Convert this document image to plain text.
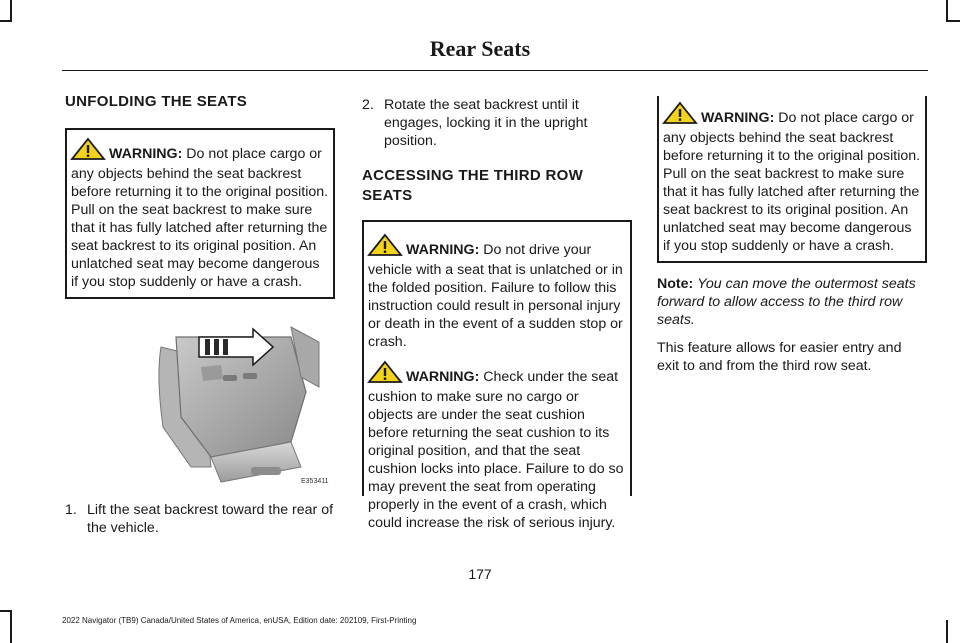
Rear Seats
UNFOLDING THE SEATS
WARNING: Do not place cargo or any objects behind the seat backrest before returning it to the original position. Pull on the seat backrest to make sure that it has fully latched after returning the seat backrest to its original position. An unlatched seat may become dangerous if you stop suddenly or have a crash.
E353411
1. Lift the seat backrest toward the rear of the vehicle.
2. Rotate the seat backrest until it engages, locking it in the upright position.
ACCESSING THE THIRD ROW SEATS
WARNING: Do not drive your vehicle with a seat that is unlatched or in the folded position. Failure to follow this instruction could result in personal injury or death in the event of a sudden stop or crash.
WARNING: Check under the seat cushion to make sure no cargo or objects are under the seat cushion before returning the seat cushion to its original position, and that the seat cushion locks into place. Failure to do so may prevent the seat from operating properly in the event of a crash, which could increase the risk of serious injury.
WARNING: Do not place cargo or any objects behind the seat backrest before returning it to the original position. Pull on the seat backrest to make sure that it has fully latched after returning the seat backrest to its original position. An unlatched seat may become dangerous if you stop suddenly or have a crash.
Note: You can move the outermost seats forward to allow access to the third row seats.
This feature allows for easier entry and exit to and from the third row seat.
177
2022 Navigator (TB9) Canada/United States of America, enUSA, Edition date: 202109, First-Printing
